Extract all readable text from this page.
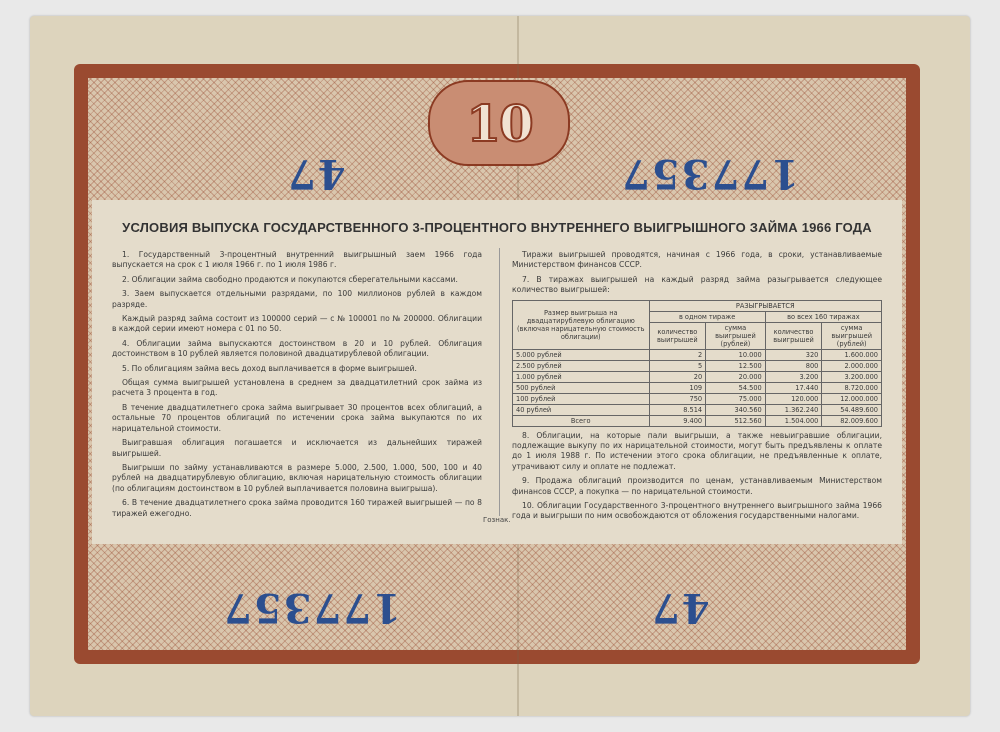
10
47	177357
177357	47
УСЛОВИЯ ВЫПУСКА ГОСУДАРСТВЕННОГО 3-ПРОЦЕНТНОГО ВНУТРЕННЕГО ВЫИГРЫШНОГО ЗАЙМА 1966 ГОДА

1. Государственный 3-процентный внутренний выигрышный заем 1966 года выпускается на срок с 1 июля 1966 г. по 1 июля 1986 г.

2. Облигации займа свободно продаются и покупаются сберегательными кассами.

3. Заем выпускается отдельными разрядами, по 100 миллионов рублей в каждом разряде.

Каждый разряд займа состоит из 100000 серий — с № 100001 по № 200000. Облигации в каждой серии имеют номера с 01 по 50.

4. Облигации займа выпускаются достоинством в 20 и 10 рублей. Облигация достоинством в 10 рублей является половиной двадцатирублевой облигации.

5. По облигациям займа весь доход выплачивается в форме выигрышей.

Общая сумма выигрышей установлена в среднем за двадцатилетний срок займа из расчета 3 процента в год.

В течение двадцатилетнего срока займа выигрывает 30 процентов всех облигаций, а остальные 70 процентов облигаций по истечении срока займа выкупаются по их нарицательной стоимости.

Выигравшая облигация погашается и исключается из дальнейших тиражей выигрышей.

Выигрыши по займу устанавливаются в размере 5.000, 2.500, 1.000, 500, 100 и 40 рублей на двадцатирублевую облигацию, включая нарицательную стоимость облигации (по облигациям достоинством в 10 рублей выплачивается половина выигрыша).

6. В течение двадцатилетнего срока займа проводится 160 тиражей выигрышей — по 8 тиражей ежегодно.

Тиражи выигрышей проводятся, начиная с 1966 года, в сроки, устанавливаемые Министерством финансов СССР.

7. В тиражах выигрышей на каждый разряд займа разыгрывается следующее количество выигрышей:

Размер выигрыша на двадцатирублевую облигацию (включая нарицательную стоимость облигации)	РАЗЫГРЫВАЕТСЯ			
	в одном тираже		во всех 160 тиражах	
	количество выигрышей	сумма выигрышей (рублей)	количество выигрышей	сумма выигрышей (рублей)
5.000 рублей	2	10.000	320	1.600.000
2.500 рублей	5	12.500	800	2.000.000
1.000 рублей	20	20.000	3.200	3.200.000
500 рублей	109	54.500	17.440	8.720.000
100 рублей	750	75.000	120.000	12.000.000
40 рублей	8.514	340.560	1.362.240	54.489.600
Всего	9.400	512.560	1.504.000	82.009.600

8. Облигации, на которые пали выигрыши, а также невыигравшие облигации, подлежащие выкупу по их нарицательной стоимости, могут быть предъявлены к оплате до 1 июля 1988 г. По истечении этого срока облигации, не предъявленные к оплате, утрачивают силу и оплате не подлежат.

9. Продажа облигаций производится по ценам, устанавливаемым Министерством финансов СССР, а покупка — по нарицательной стоимости.

10. Облигации Государственного 3-процентного внутреннего выигрышного займа 1966 года и выигрыши по ним освобождаются от обложения государственными налогами.

Гознак.
